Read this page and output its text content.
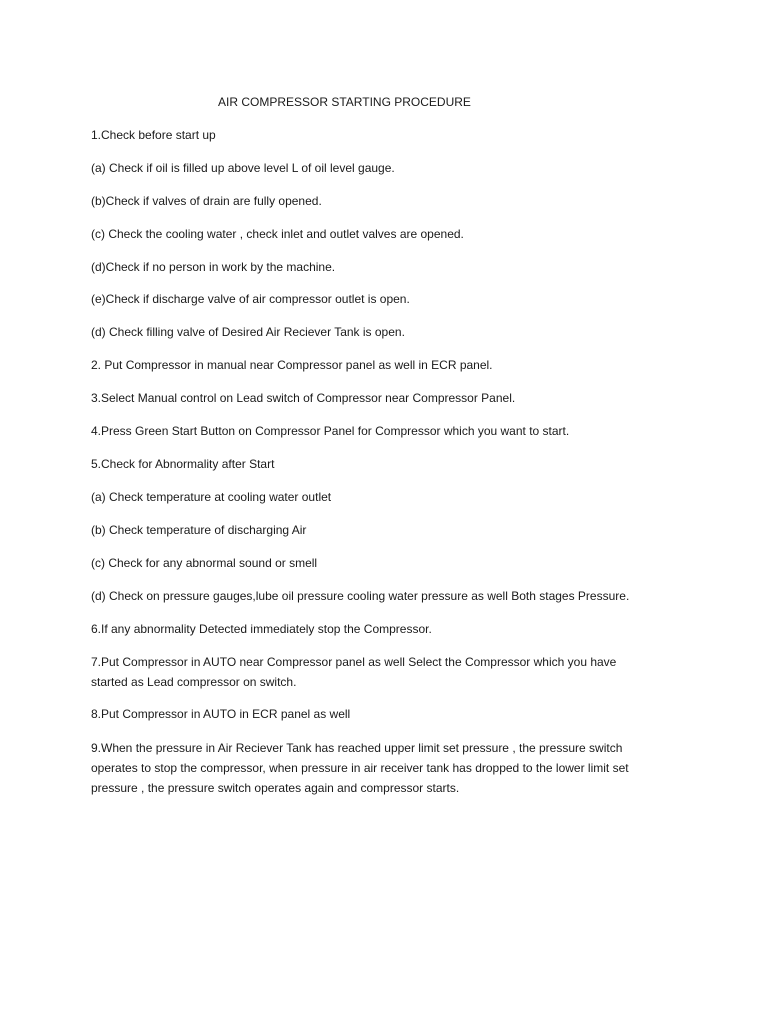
AIR COMPRESSOR STARTING PROCEDURE
1.Check before start up
(a) Check if oil is filled up above level L of oil level gauge.
(b)Check if valves of drain are fully opened.
(c) Check the cooling water , check inlet and outlet valves are opened.
(d)Check if no person in work by the machine.
(e)Check if discharge valve of air compressor outlet is open.
(d) Check filling valve of Desired Air Reciever Tank is open.
2. Put Compressor in manual near Compressor panel as well in ECR panel.
3.Select Manual control on Lead switch of Compressor near Compressor Panel.
4.Press Green Start Button on Compressor Panel for Compressor which you want to start.
5.Check for Abnormality after Start
(a) Check temperature at cooling water outlet
(b) Check temperature of discharging Air
(c) Check for any abnormal sound or smell
(d) Check on pressure gauges,lube oil pressure cooling water pressure as well Both stages Pressure.
6.If any abnormality Detected immediately stop the Compressor.
7.Put Compressor in AUTO near Compressor panel as well Select the Compressor which you have
started as Lead compressor on switch.
8.Put Compressor in AUTO in ECR panel as well
9.When the pressure in Air Reciever Tank has reached upper limit set pressure , the pressure switch
operates to stop the compressor, when pressure in air receiver tank has dropped to the lower limit set
pressure , the pressure switch operates again and compressor starts.
